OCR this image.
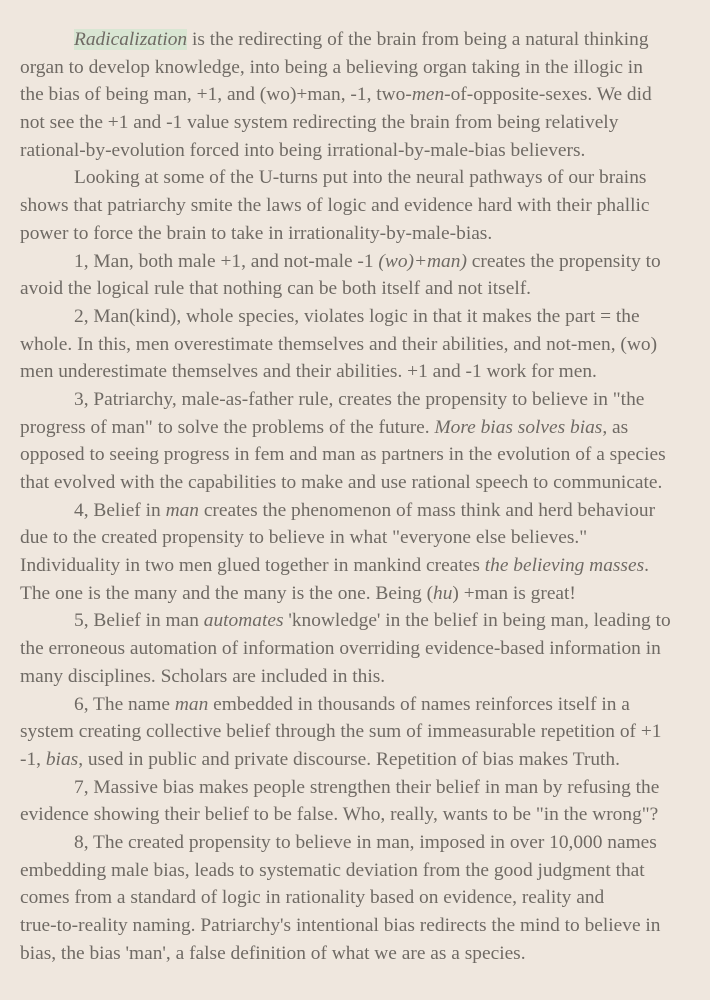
Radicalization is the redirecting of the brain from being a natural thinking
organ to develop knowledge, into being a believing organ taking in the illogic in
the bias of being man, +1, and (wo)+man, -1, two-men-of-opposite-sexes. We did
not see the +1 and -1 value system redirecting the brain from being relatively
rational-by-evolution forced into being irrational-by-male-bias believers.
Looking at some of the U-turns put into the neural pathways of our brains
shows that patriarchy smite the laws of logic and evidence hard with their phallic
power to force the brain to take in irrationality-by-male-bias.
1, Man, both male +1, and not-male -1 (wo)+man) creates the propensity to
avoid the logical rule that nothing can be both itself and not itself.
2, Man(kind), whole species, violates logic in that it makes the part = the
whole. In this, men overestimate themselves and their abilities, and not-men, (wo)
men underestimate themselves and their abilities. +1 and -1 work for men.
3, Patriarchy, male-as-father rule, creates the propensity to believe in "the
progress of man" to solve the problems of the future. More bias solves bias, as
opposed to seeing progress in fem and man as partners in the evolution of a species
that evolved with the capabilities to make and use rational speech to communicate.
4, Belief in man creates the phenomenon of mass think and herd behaviour
due to the created propensity to believe in what "everyone else believes."
Individuality in two men glued together in mankind creates the believing masses.
The one is the many and the many is the one. Being (hu) +man is great!
5, Belief in man automates 'knowledge' in the belief in being man, leading to
the erroneous automation of information overriding evidence-based information in
many disciplines. Scholars are included in this.
6, The name man embedded in thousands of names reinforces itself in a
system creating collective belief through the sum of immeasurable repetition of +1
-1, bias, used in public and private discourse. Repetition of bias makes Truth.
7, Massive bias makes people strengthen their belief in man by refusing the
evidence showing their belief to be false. Who, really, wants to be "in the wrong"?
8, The created propensity to believe in man, imposed in over 10,000 names
embedding male bias, leads to systematic deviation from the good judgment that
comes from a standard of logic in rationality based on evidence, reality and
true-to-reality naming. Patriarchy's intentional bias redirects the mind to believe in
bias, the bias 'man', a false definition of what we are as a species.
